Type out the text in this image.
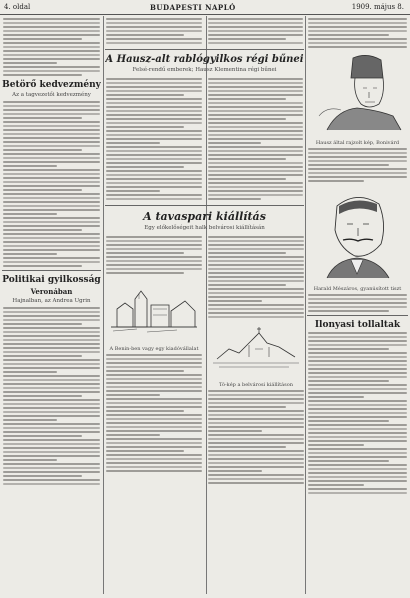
4. oldal	BUDAPESTI NAPLÓ	1909. május 8.
Betörő kedvezmény
Az a tagvezetői kedvezmény
Politikai gyilkosság
Veronában
Hajnalban, az Andrea Ugrin
A Hausz-alt rablógyilkos régi bűnei
Felsé-rendű emberek; Hausz Klementina régi bűnei
A tavaspari kiállítás
Egy előkelőségeit halk belvárosi kiállításán
A Benin-ben vagy egy kiadóvállalat
Tó-kép a belvárosi kiállításon
Hausz által rajzolt kép, Bonivárd
Harald Mészáros, gyanúsított tiszt
Ilonyasi tollaltak
